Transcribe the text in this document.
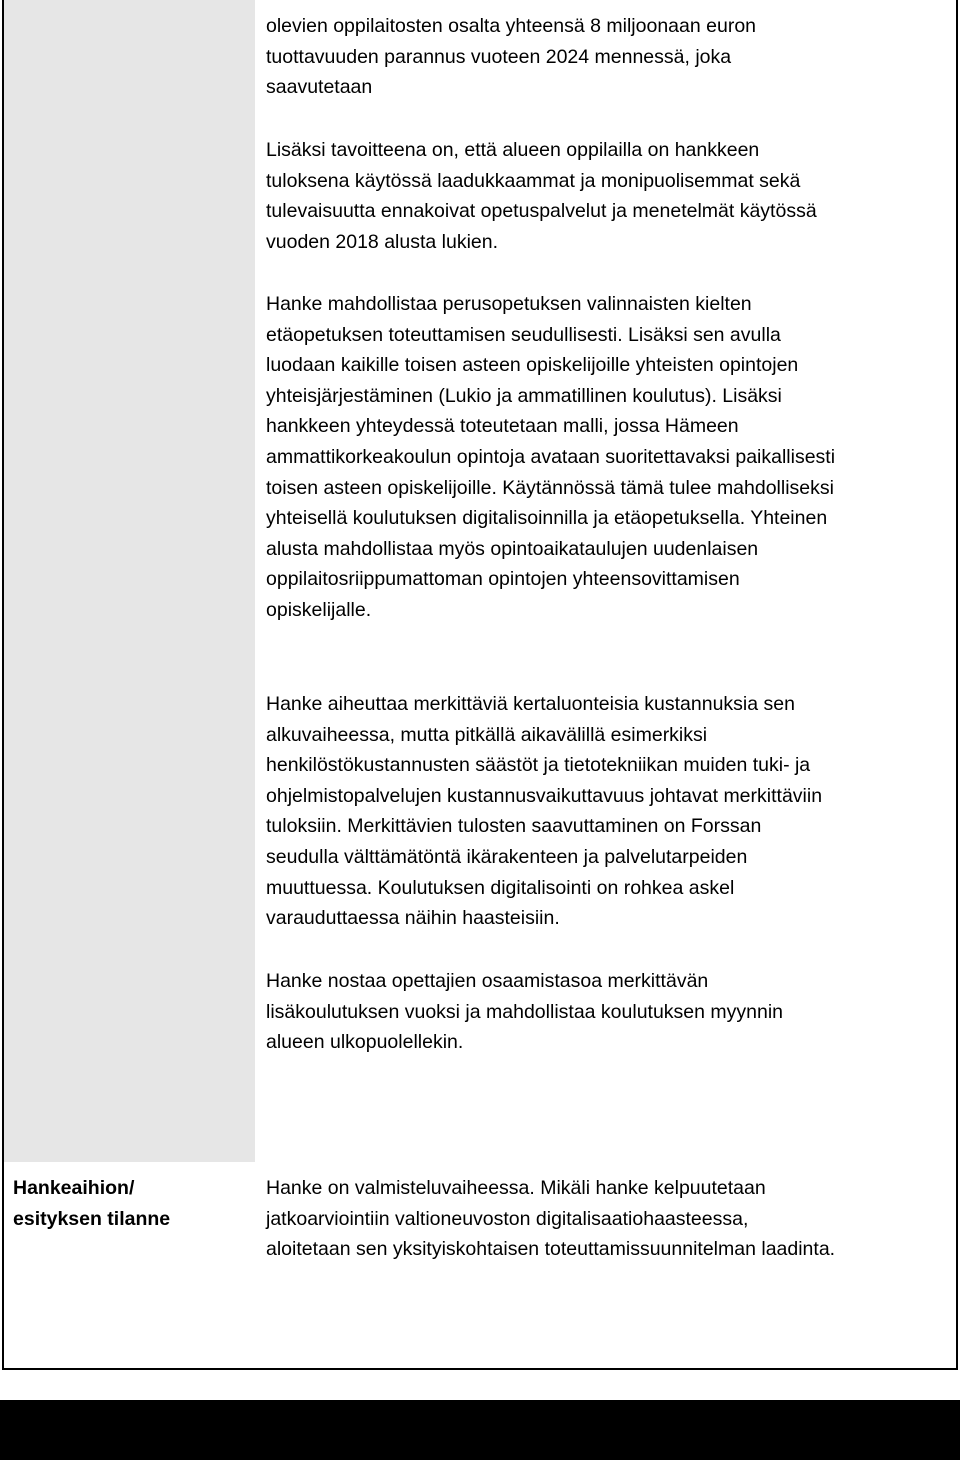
olevien oppilaitosten osalta yhteensä 8 miljoonaan euron
tuottavuuden parannus vuoteen 2024 mennessä, joka
saavutetaan

Lisäksi tavoitteena on, että alueen oppilailla on hankkeen
tuloksena käytössä laadukkaammat ja monipuolisemmat sekä
tulevaisuutta ennakoivat opetuspalvelut ja menetelmät käytössä
vuoden 2018 alusta lukien.

Hanke mahdollistaa perusopetuksen valinnaisten kielten
etäopetuksen toteuttamisen seudullisesti. Lisäksi sen avulla
luodaan kaikille toisen asteen opiskelijoille yhteisten opintojen
yhteisjärjestäminen (Lukio ja ammatillinen koulutus). Lisäksi
hankkeen yhteydessä toteutetaan malli, jossa Hämeen
ammattikorkeakoulun opintoja avataan suoritettavaksi paikallisesti
toisen asteen opiskelijoille. Käytännössä tämä tulee mahdolliseksi
yhteisellä koulutuksen digitalisoinnilla ja etäopetuksella. Yhteinen
alusta mahdollistaa myös opintoaikataulujen uudenlaisen
oppilaitosriippumattoman opintojen yhteensovittamisen
opiskelijalle.

Hanke aiheuttaa merkittäviä kertaluonteisia kustannuksia sen
alkuvaiheessa, mutta pitkällä aikavälillä esimerkiksi
henkilöstökustannusten säästöt ja tietotekniikan muiden tuki- ja
ohjelmistopalvelujen kustannusvaikuttavuus johtavat merkittäviin
tuloksiin. Merkittävien tulosten saavuttaminen on Forssan
seudulla välttämätöntä ikärakenteen ja palvelutarpeiden
muuttuessa. Koulutuksen digitalisointi on rohkea askel
varauduttaessa näihin haasteisiin.

Hanke nostaa opettajien osaamistasoa merkittävän
lisäkoulutuksen vuoksi ja mahdollistaa koulutuksen myynnin
alueen ulkopuolellekin.

Hankeaihion/
esityksen tilanne

Hanke on valmisteluvaiheessa. Mikäli hanke kelpuutetaan
jatkoarviointiin valtioneuvoston digitalisaatiohaasteessa,
aloitetaan sen yksityiskohtaisen toteuttamissuunnitelman laadinta.
